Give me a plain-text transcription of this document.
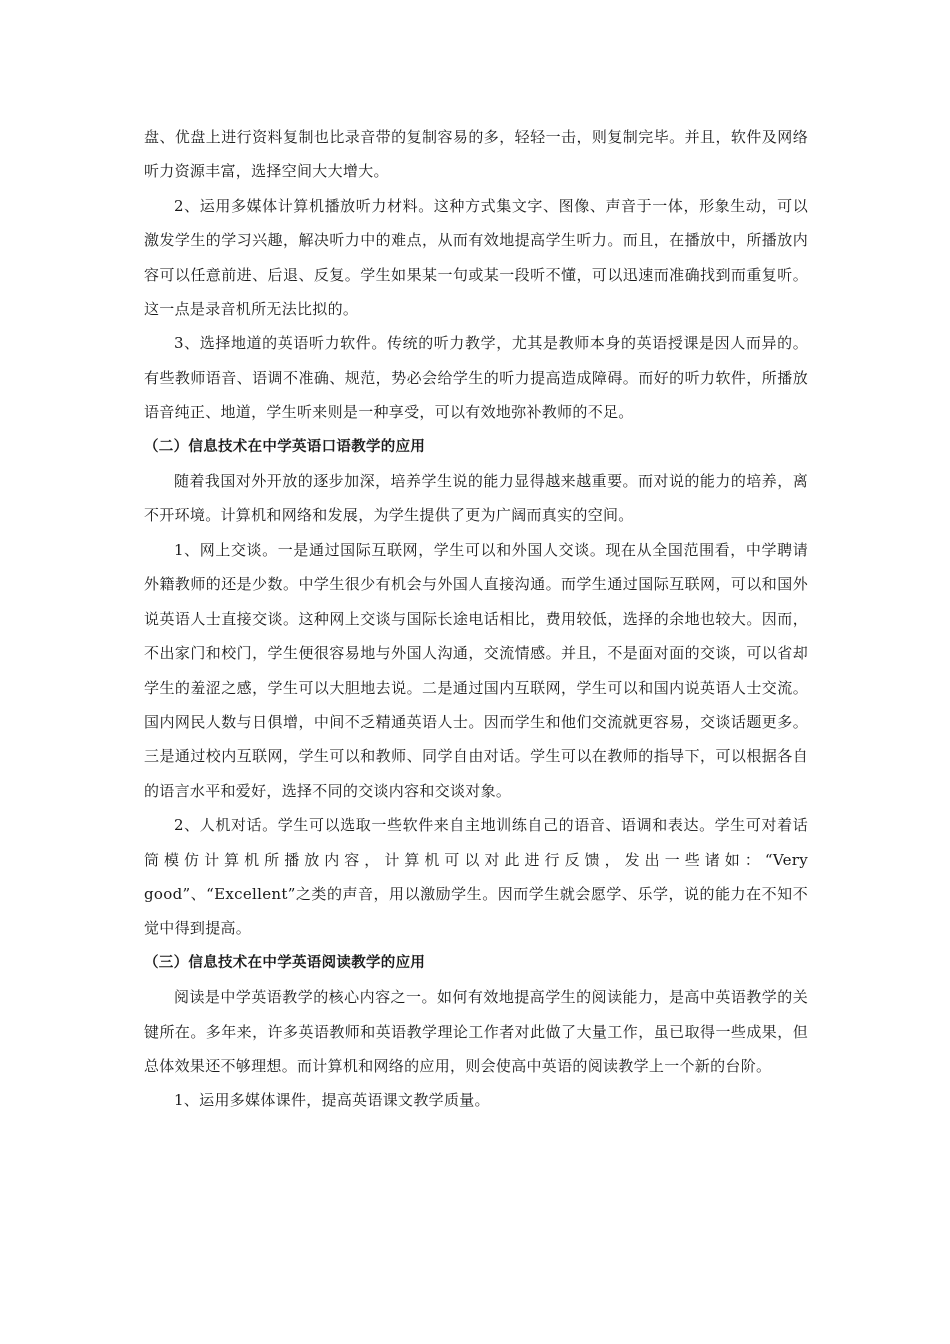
盘、优盘上进行资料复制也比录音带的复制容易的多，轻轻一击，则复制完毕。并且，软件及网络听力资源丰富，选择空间大大增大。

2、运用多媒体计算机播放听力材料。这种方式集文字、图像、声音于一体，形象生动，可以激发学生的学习兴趣，解决听力中的难点，从而有效地提高学生听力。而且，在播放中，所播放内容可以任意前进、后退、反复。学生如果某一句或某一段听不懂，可以迅速而准确找到而重复听。这一点是录音机所无法比拟的。

3、选择地道的英语听力软件。传统的听力教学，尤其是教师本身的英语授课是因人而异的。有些教师语音、语调不准确、规范，势必会给学生的听力提高造成障碍。而好的听力软件，所播放语音纯正、地道，学生听来则是一种享受，可以有效地弥补教师的不足。

（二）信息技术在中学英语口语教学的应用

随着我国对外开放的逐步加深，培养学生说的能力显得越来越重要。而对说的能力的培养，离不开环境。计算机和网络和发展，为学生提供了更为广阔而真实的空间。

1、网上交谈。一是通过国际互联网，学生可以和外国人交谈。现在从全国范围看，中学聘请外籍教师的还是少数。中学生很少有机会与外国人直接沟通。而学生通过国际互联网，可以和国外说英语人士直接交谈。这种网上交谈与国际长途电话相比，费用较低，选择的余地也较大。因而，不出家门和校门，学生便很容易地与外国人沟通，交流情感。并且，不是面对面的交谈，可以省却学生的羞涩之感，学生可以大胆地去说。二是通过国内互联网，学生可以和国内说英语人士交流。国内网民人数与日俱增，中间不乏精通英语人士。因而学生和他们交流就更容易，交谈话题更多。三是通过校内互联网，学生可以和教师、同学自由对话。学生可以在教师的指导下，可以根据各自的语言水平和爱好，选择不同的交谈内容和交谈对象。

2、人机对话。学生可以选取一些软件来自主地训练自己的语音、语调和表达。学生可对着话筒模仿计算机所播放内容，计算机可以对此进行反馈，发出一些诸如：“Very good”、“Excellent”之类的声音，用以激励学生。因而学生就会愿学、乐学，说的能力在不知不觉中得到提高。

（三）信息技术在中学英语阅读教学的应用

阅读是中学英语教学的核心内容之一。如何有效地提高学生的阅读能力，是高中英语教学的关键所在。多年来，许多英语教师和英语教学理论工作者对此做了大量工作，虽已取得一些成果，但总体效果还不够理想。而计算机和网络的应用，则会使高中英语的阅读教学上一个新的台阶。

1、运用多媒体课件，提高英语课文教学质量。
